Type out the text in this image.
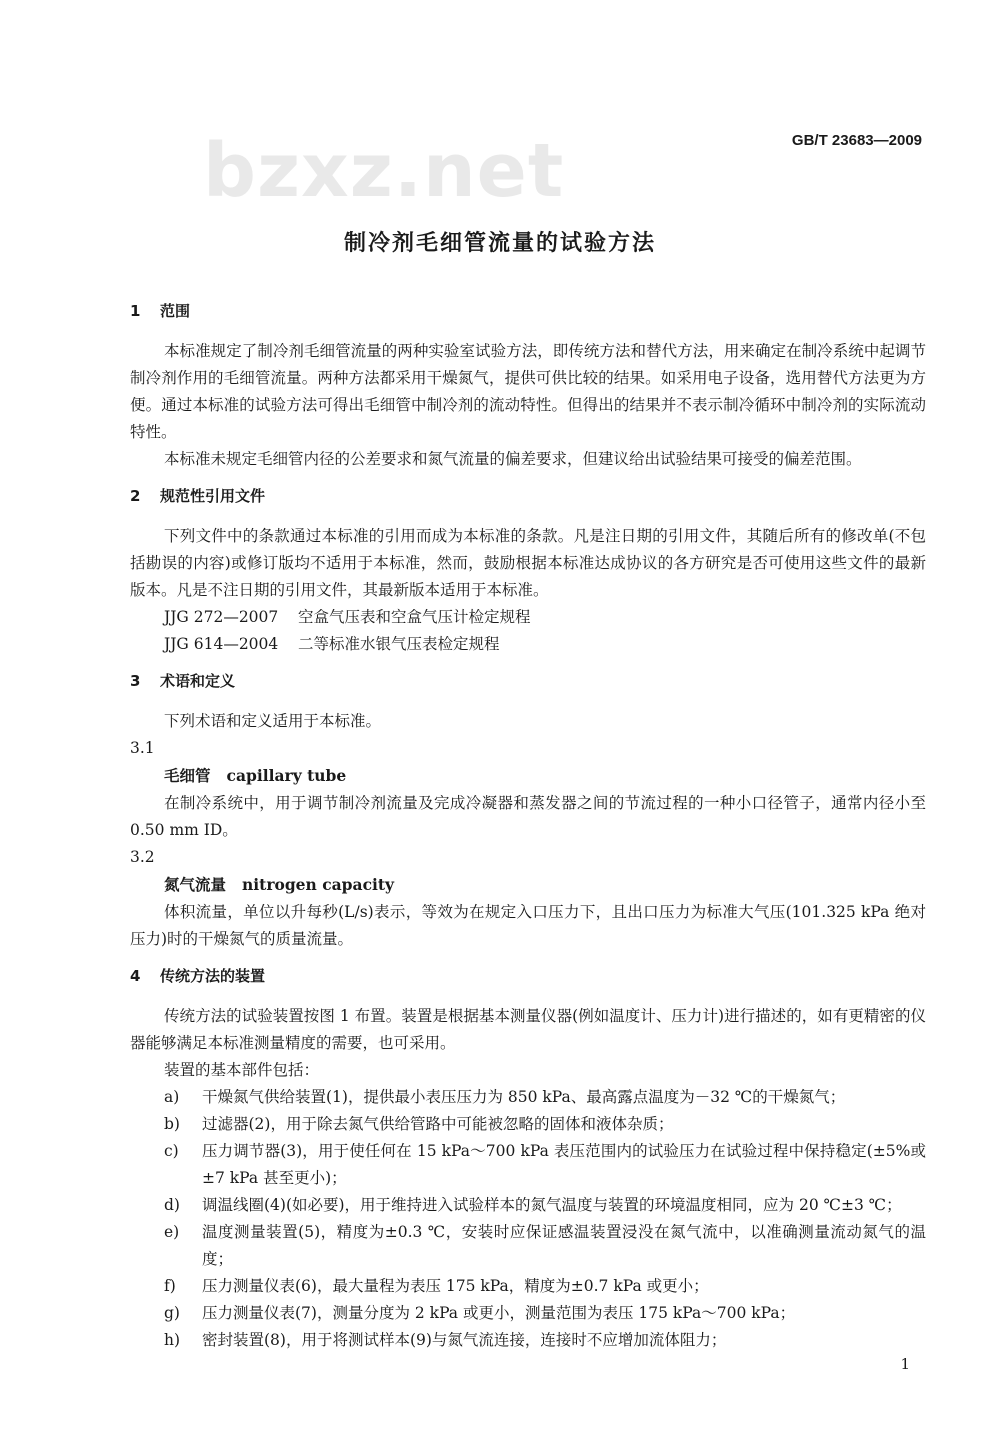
bzxz.net	GB/T 23683—2009
制冷剂毛细管流量的试验方法
1 范围

本标准规定了制冷剂毛细管流量的两种实验室试验方法，即传统方法和替代方法，用来确定在制冷系统中起调节制冷剂作用的毛细管流量。两种方法都采用干燥氮气，提供可供比较的结果。如采用电子设备，选用替代方法更为方便。通过本标准的试验方法可得出毛细管中制冷剂的流动特性。但得出的结果并不表示制冷循环中制冷剂的实际流动特性。

本标准未规定毛细管内径的公差要求和氮气流量的偏差要求，但建议给出试验结果可接受的偏差范围。

2 规范性引用文件

下列文件中的条款通过本标准的引用而成为本标准的条款。凡是注日期的引用文件，其随后所有的修改单(不包括勘误的内容)或修订版均不适用于本标准，然而，鼓励根据本标准达成协议的各方研究是否可使用这些文件的最新版本。凡是不注日期的引用文件，其最新版本适用于本标准。

JJG 272—2007 空盒气压表和空盒气压计检定规程
JJG 614—2004 二等标准水银气压表检定规程
3 术语和定义

下列术语和定义适用于本标准。

3.1
毛细管 capillary tube

在制冷系统中，用于调节制冷剂流量及完成冷凝器和蒸发器之间的节流过程的一种小口径管子，通常内径小至 0.50 mm ID。

3.2
氮气流量 nitrogen capacity

体积流量，单位以升每秒(L/s)表示，等效为在规定入口压力下，且出口压力为标准大气压(101.325 kPa 绝对压力)时的干燥氮气的质量流量。

4 传统方法的装置

传统方法的试验装置按图 1 布置。装置是根据基本测量仪器(例如温度计、压力计)进行描述的，如有更精密的仪器能够满足本标准测量精度的需要，也可采用。

装置的基本部件包括：

a)	干燥氮气供给装置(1)，提供最小表压压力为 850 kPa、最高露点温度为－32 ℃的干燥氮气；
b)	过滤器(2)，用于除去氮气供给管路中可能被忽略的固体和液体杂质；
c)	压力调节器(3)，用于使任何在 15 kPa～700 kPa 表压范围内的试验压力在试验过程中保持稳定(±5%或±7 kPa 甚至更小)；
d)	调温线圈(4)(如必要)，用于维持进入试验样本的氮气温度与装置的环境温度相同，应为 20 ℃±3 ℃；
e)	温度测量装置(5)，精度为±0.3 ℃，安装时应保证感温装置浸没在氮气流中，以准确测量流动氮气的温度；
f)	压力测量仪表(6)，最大量程为表压 175 kPa，精度为±0.7 kPa 或更小；
g)	压力测量仪表(7)，测量分度为 2 kPa 或更小，测量范围为表压 175 kPa～700 kPa；
h)	密封装置(8)，用于将测试样本(9)与氮气流连接，连接时不应增加流体阻力；
1
